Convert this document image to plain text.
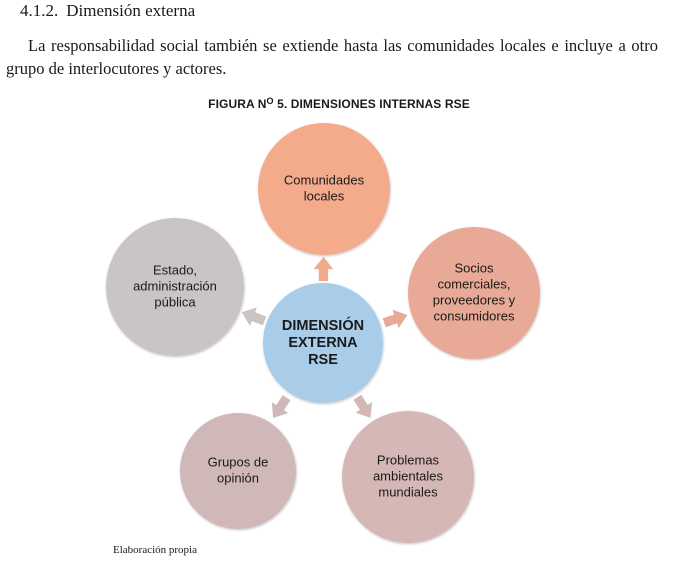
4.1.2. Dimensión externa
La responsabilidad social también se extiende hasta las comunidades locales e incluye a otro grupo de interlocutores y actores.
FIGURA $N^O$ 5. DIMENSIONES INTERNAS RSE
Comunidades
locales
Socios
comerciales,
proveedores y
consumidores
Problemas
ambientales
mundiales
Grupos de
opinión
Estado,
administración
pública
DIMENSIÓN
EXTERNA
RSE
Elaboración propia
